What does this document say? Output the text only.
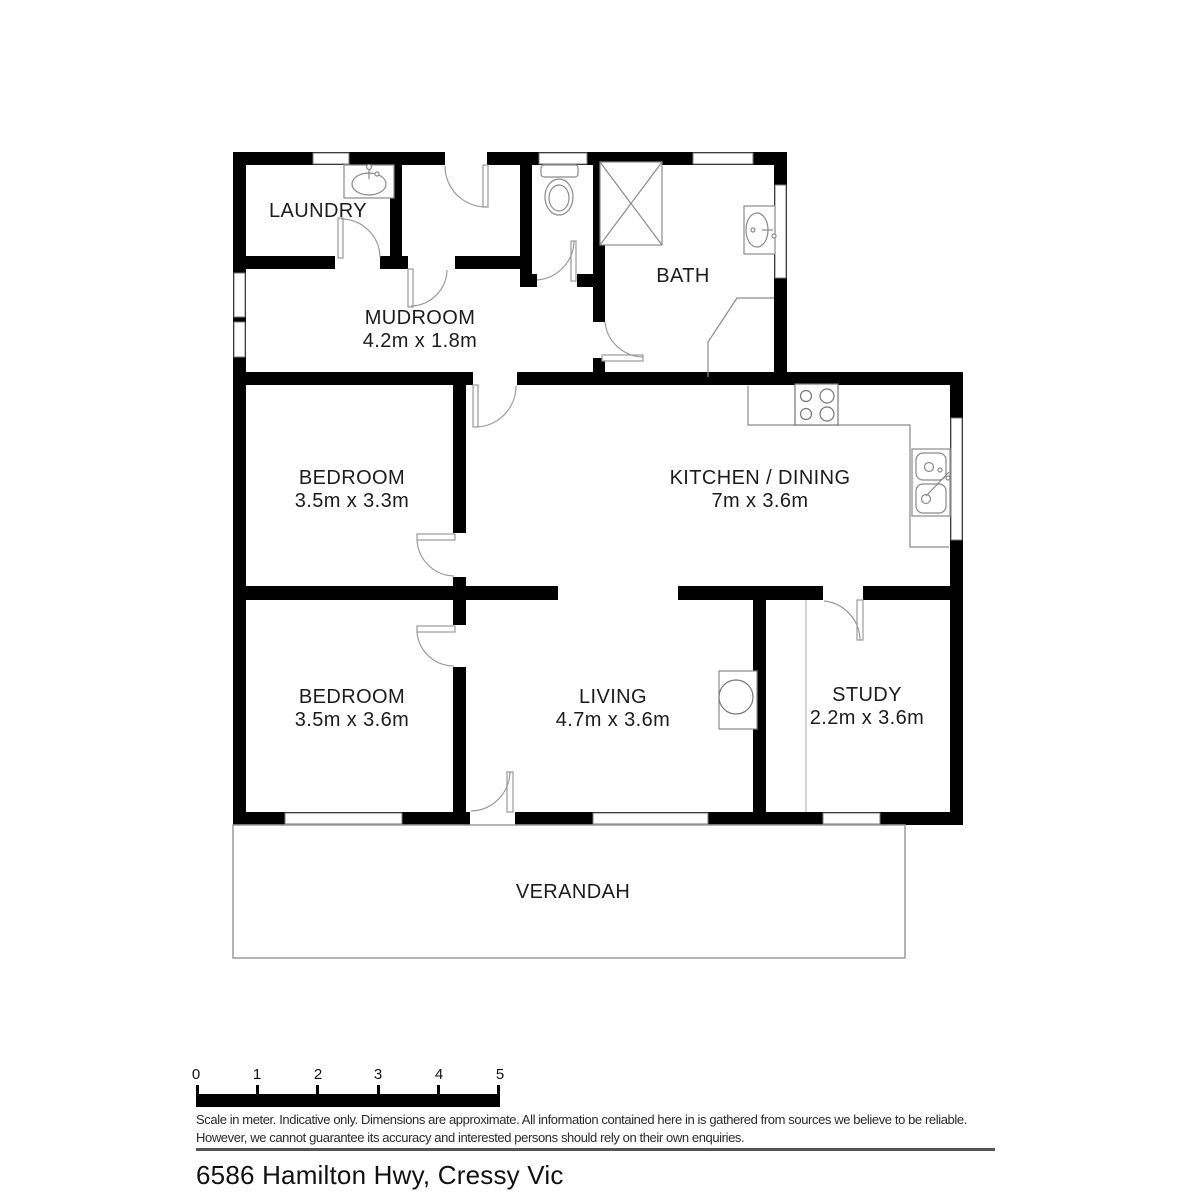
LAUNDRY
MUDROOM
4.2m x 1.8m
BATH
BEDROOM
3.5m x 3.3m
KITCHEN / DINING
7m x 3.6m
BEDROOM
3.5m x 3.6m
LIVING
4.7m x 3.6m
STUDY
2.2m x 3.6m
VERANDAH
0	1	2	3	4	5
Scale in meter. Indicative only. Dimensions are approximate. All information contained here in is gathered from sources we believe to be reliable.
However, we cannot guarantee its accuracy and interested persons should rely on their own enquiries.
6586 Hamilton Hwy, Cressy Vic
